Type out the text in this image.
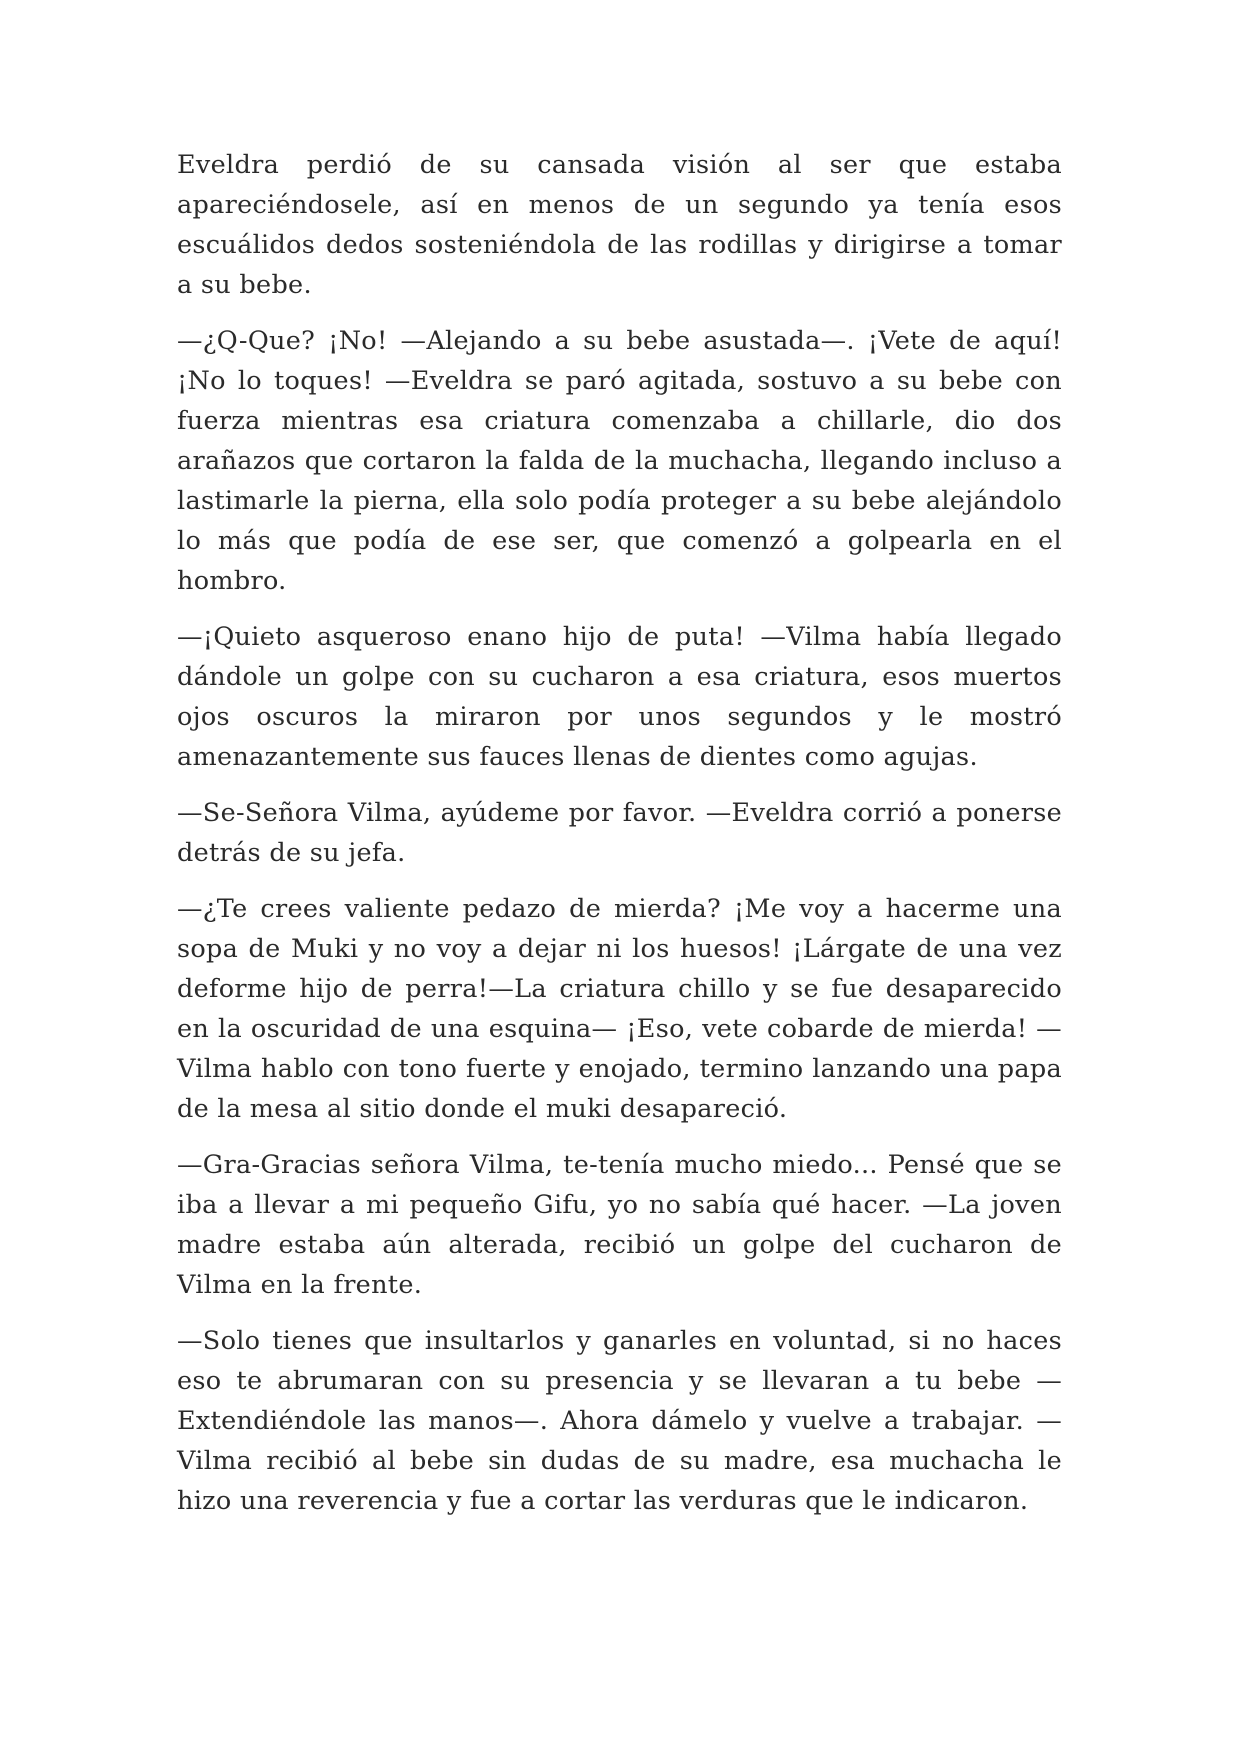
Eveldra perdió de su cansada visión al ser que estaba apareciéndosele, así en menos de un segundo ya tenía esos escuálidos dedos sosteniéndola de las rodillas y dirigirse a tomar a su bebe.

—¿Q-Que? ¡No! —Alejando a su bebe asustada—. ¡Vete de aquí! ¡No lo toques! —Eveldra se paró agitada, sostuvo a su bebe con fuerza mientras esa criatura comenzaba a chillarle, dio dos arañazos que cortaron la falda de la muchacha, llegando incluso a lastimarle la pierna, ella solo podía proteger a su bebe alejándolo lo más que podía de ese ser, que comenzó a golpearla en el hombro.

—¡Quieto asqueroso enano hijo de puta! —Vilma había llegado dándole un golpe con su cucharon a esa criatura, esos muertos ojos oscuros la miraron por unos segundos y le mostró amenazantemente sus fauces llenas de dientes como agujas.

—Se-Señora Vilma, ayúdeme por favor. —Eveldra corrió a ponerse detrás de su jefa.

—¿Te crees valiente pedazo de mierda? ¡Me voy a hacerme una sopa de Muki y no voy a dejar ni los huesos! ¡Lárgate de una vez deforme hijo de perra!—La criatura chillo y se fue desaparecido en la oscuridad de una esquina— ¡Eso, vete cobarde de mierda! —Vilma hablo con tono fuerte y enojado, termino lanzando una papa de la mesa al sitio donde el muki desapareció.

—Gra-Gracias señora Vilma, te-tenía mucho miedo... Pensé que se iba a llevar a mi pequeño Gifu, yo no sabía qué hacer. —La joven madre estaba aún alterada, recibió un golpe del cucharon de Vilma en la frente.

—Solo tienes que insultarlos y ganarles en voluntad, si no haces eso te abrumaran con su presencia y se llevaran a tu bebe —Extendiéndole las manos—. Ahora dámelo y vuelve a trabajar. —Vilma recibió al bebe sin dudas de su madre, esa muchacha le hizo una reverencia y fue a cortar las verduras que le indicaron.
